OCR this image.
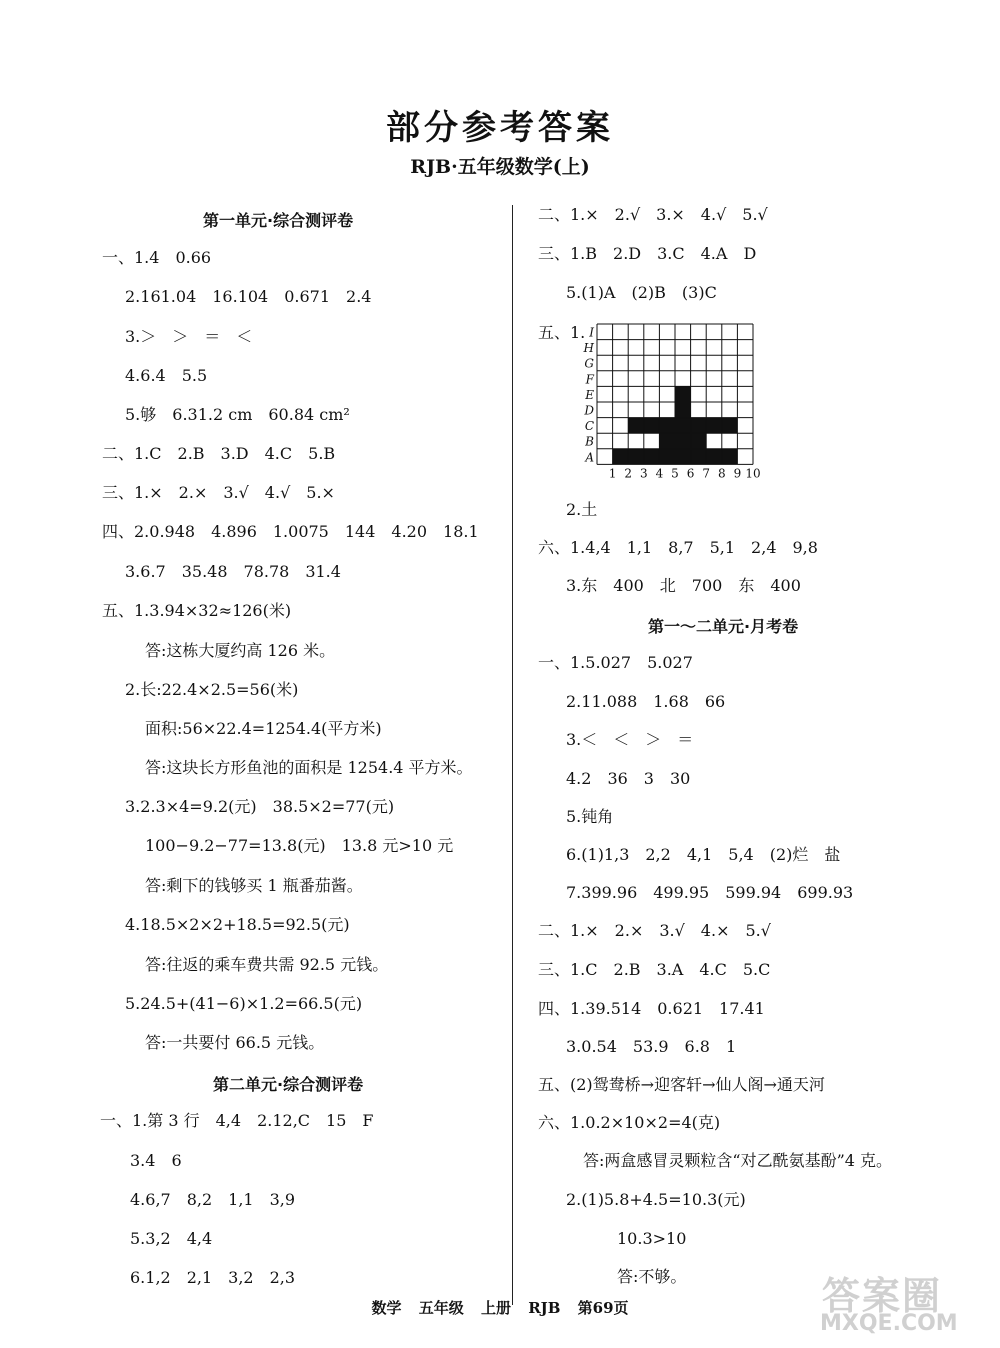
部分参考答案
RJB·五年级数学(上)
第一单元·综合测评卷
一、1.4　0.66
2.161.04　16.104　0.671　2.4
3.＞　＞　＝　＜
4.6.4　5.5
5.够　6.31.2 cm　60.84 cm²
二、1.C　2.B　3.D　4.C　5.B
三、1.×　2.×　3.√　4.√　5.×
四、2.0.948　4.896　1.0075　144　4.20　18.1
3.6.7　35.48　78.78　31.4
五、1.3.94×32≈126(米)
答:这栋大厦约高 126 米。
2.长:22.4×2.5=56(米)
面积:56×22.4=1254.4(平方米)
答:这块长方形鱼池的面积是 1254.4 平方米。
3.2.3×4=9.2(元)　38.5×2=77(元)
100−9.2−77=13.8(元)　13.8 元>10 元
答:剩下的钱够买 1 瓶番茄酱。
4.18.5×2×2+18.5=92.5(元)
答:往返的乘车费共需 92.5 元钱。
5.24.5+(41−6)×1.2=66.5(元)
答:一共要付 66.5 元钱。
第二单元·综合测评卷
一、1.第 3 行　4,4　2.12,C　15　F
3.4　6
4.6,7　8,2　1,1　3,9
5.3,2　4,4
6.1,2　2,1　3,2　2,3
二、1.×　2.√　3.×　4.√　5.√
三、1.B　2.D　3.C　4.A　D
5.(1)A　(2)B　(3)C
五、1. I
H
G
F
E
D
C
B
A
1 2 3 4 5 6 7 8 9 10
2.土
六、1.4,4　1,1　8,7　5,1　2,4　9,8
3.东　400　北　700　东　400
第一～二单元·月考卷
一、1.5.027　5.027
2.11.088　1.68　66
3.＜　＜　＞　＝
4.2　36　3　30
5.钝角
6.(1)1,3　2,2　4,1　5,4　(2)烂　盐
7.399.96　499.95　599.94　699.93
二、1.×　2.×　3.√　4.×　5.√
三、1.C　2.B　3.A　4.C　5.C
四、1.39.514　0.621　17.41
3.0.54　53.9　6.8　1
五、(2)鸳鸯桥→迎客轩→仙人阁→通天河
六、1.0.2×10×2=4(克)
答:两盒感冒灵颗粒含“对乙酰氨基酚”4 克。
2.(1)5.8+4.5=10.3(元)
10.3>10
答:不够。
数学 五年级 上册 RJB 第69页	答案圈
MXQE.COM
